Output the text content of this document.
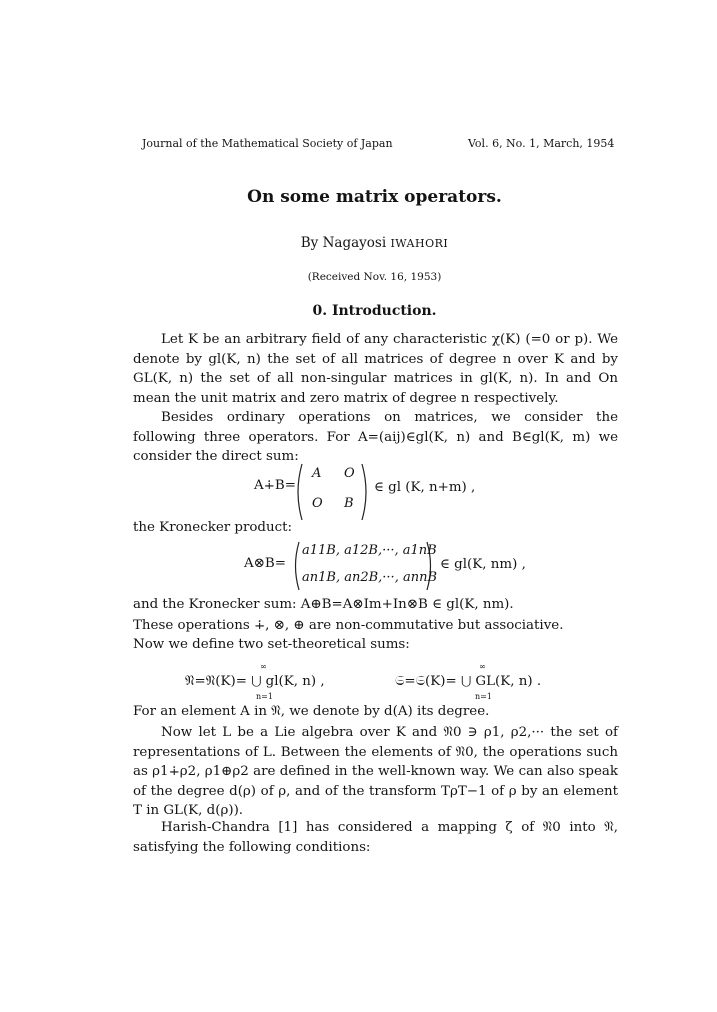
Journal of the Mathematical Society of Japan	Vol. 6, No. 1, March, 1954
On some matrix operators.
By Nagayosi IWAHORI
(Received Nov. 16, 1953)
0. Introduction.
Let K be an arbitrary field of any characteristic χ(K) (=0 or p). We denote by gl(K, n) the set of all matrices of degree n over K and by GL(K, n) the set of all non-singular matrices in gl(K, n). In and On mean the unit matrix and zero matrix of degree n respectively.
Besides ordinary operations on matrices, we consider the following three operators. For A=(aij)∈gl(K, n) and B∈gl(K, m) we consider the direct sum:
A∔B=
A O
O B
∈ gl (K, n+m) ,
the Kronecker product:
A⊗B=
a11B, a12B,···, a1nB
an1B, an2B,···, annB
∈ gl(K, nm) ,
and the Kronecker sum: A⊕B=A⊗Im+In⊗B ∈ gl(K, nm).
These operations ∔, ⊗, ⊕ are non-commutative but associative.
Now we define two set-theoretical sums:
𝔑=𝔑(K)= ⋃ gl(K, n) ,
∞
n=1
𝔖=𝔖(K)= ⋃ GL(K, n) .
∞
n=1
For an element A in 𝔑, we denote by d(A) its degree.
Now let L be a Lie algebra over K and 𝔑0 ∋ ρ1, ρ2,··· the set of representations of L. Between the elements of 𝔑0, the operations such as ρ1∔ρ2, ρ1⊕ρ2 are defined in the well-known way. We can also speak of the degree d(ρ) of ρ, and of the transform TρT−1 of ρ by an element T in GL(K, d(ρ)).
Harish-Chandra [1] has considered a mapping ζ of 𝔑0 into 𝔑, satisfying the following conditions:
